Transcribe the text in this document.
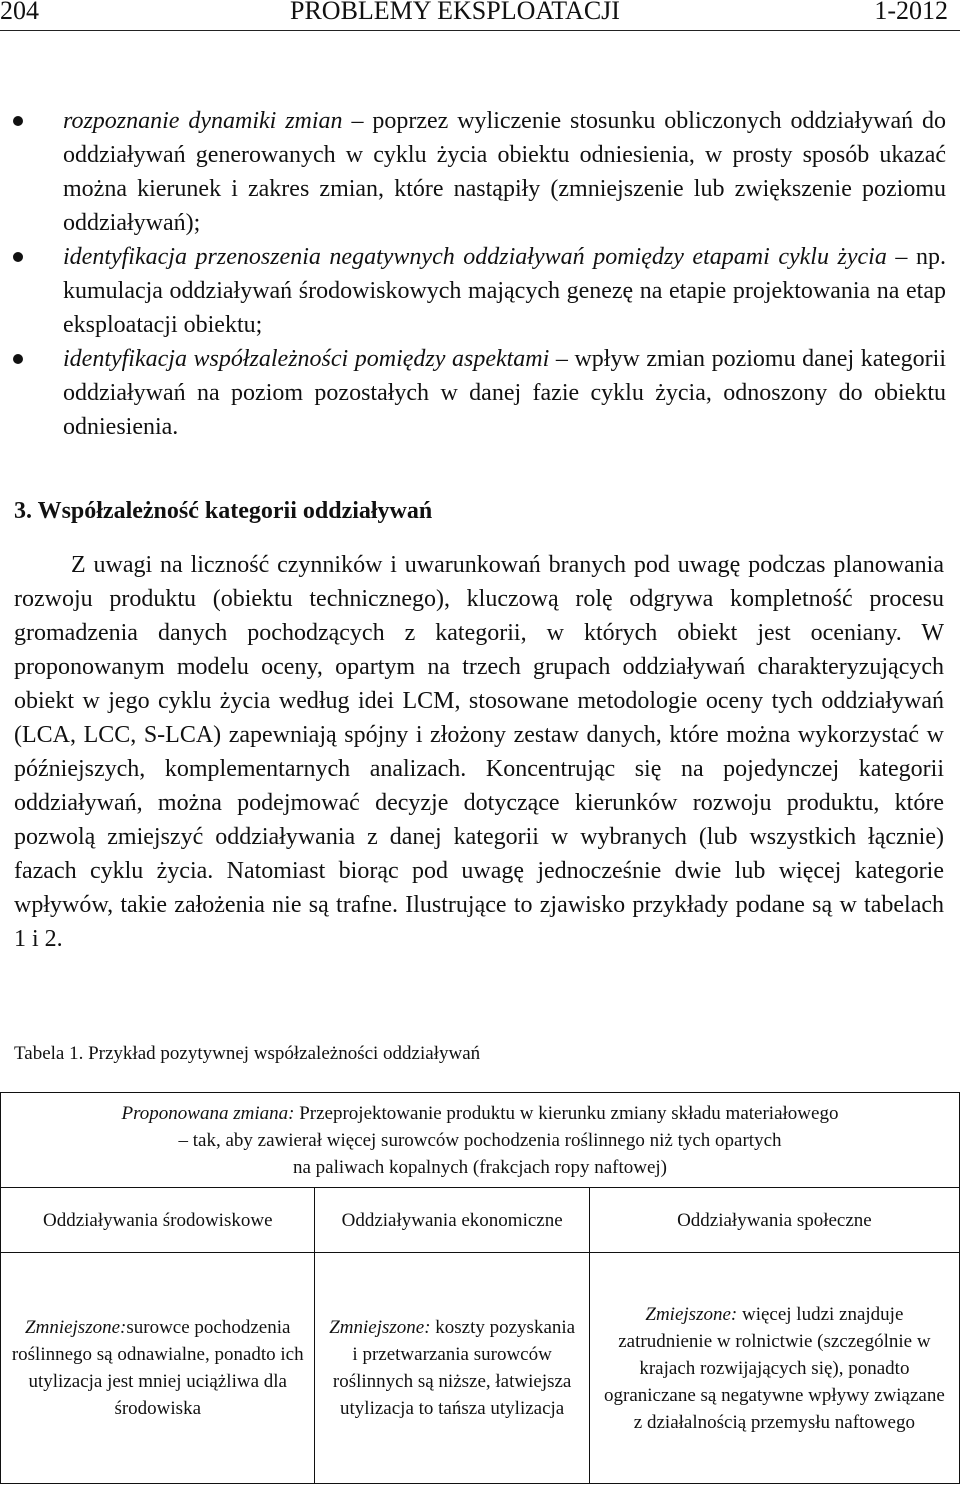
204	PROBLEMY EKSPLOATACJI	1-2012
rozpoznanie dynamiki zmian – poprzez wyliczenie stosunku obliczonych oddziaływań do oddziaływań generowanych w cyklu życia obiektu odniesienia, w prosty sposób ukazać można kierunek i zakres zmian, które nastąpiły (zmniejszenie lub zwiększenie poziomu oddziaływań);
identyfikacja przenoszenia negatywnych oddziaływań pomiędzy etapami cyklu życia – np. kumulacja oddziaływań środowiskowych mających genezę na etapie projektowania na etap eksploatacji obiektu;
identyfikacja współzależności pomiędzy aspektami – wpływ zmian poziomu danej kategorii oddziaływań na poziom pozostałych w danej fazie cyklu życia, odnoszony do obiektu odniesienia.
3. Współzależność kategorii oddziaływań
Z uwagi na liczność czynników i uwarunkowań branych pod uwagę podczas planowania rozwoju produktu (obiektu technicznego), kluczową rolę odgrywa kompletność procesu gromadzenia danych pochodzących z kategorii, w których obiekt jest oceniany. W proponowanym modelu oceny, opartym na trzech grupach oddziaływań charakteryzujących obiekt w jego cyklu życia według idei LCM, stosowane metodologie oceny tych oddziaływań (LCA, LCC, S-LCA) zapewniają spójny i złożony zestaw danych, które można wykorzystać w późniejszych, komplementarnych analizach. Koncentrując się na pojedynczej kategorii oddziaływań, można podejmować decyzje dotyczące kierunków rozwoju produktu, które pozwolą zmiejszyć oddziaływania z danej kategorii w wybranych (lub wszystkich łącznie) fazach cyklu życia. Natomiast biorąc pod uwagę jednocześnie dwie lub więcej kategorie wpływów, takie założenia nie są trafne. Ilustrujące to zjawisko przykłady podane są w tabelach 1 i 2.
Tabela 1. Przykład pozytywnej współzależności oddziaływań
Proponowana zmiana: Przeprojektowanie produktu w kierunku zmiany składu materiałowego
– tak, aby zawierał więcej surowców pochodzenia roślinnego niż tych opartych
na paliwach kopalnych (frakcjach ropy naftowej)		
Oddziaływania środowiskowe	Oddziaływania ekonomiczne	Oddziaływania społeczne
Zmniejszone:surowce pochodzenia roślinnego są odnawialne, ponadto ich utylizacja jest mniej uciążliwa dla środowiska	Zmniejszone: koszty pozyskania i przetwarzania surowców roślinnych są niższe, łatwiejsza utylizacja to tańsza utylizacja	Zmiejszone: więcej ludzi znajduje zatrudnienie w rolnictwie (szczególnie w krajach rozwijających się), ponadto ograniczane są negatywne wpływy związane z działalnością przemysłu naftowego
